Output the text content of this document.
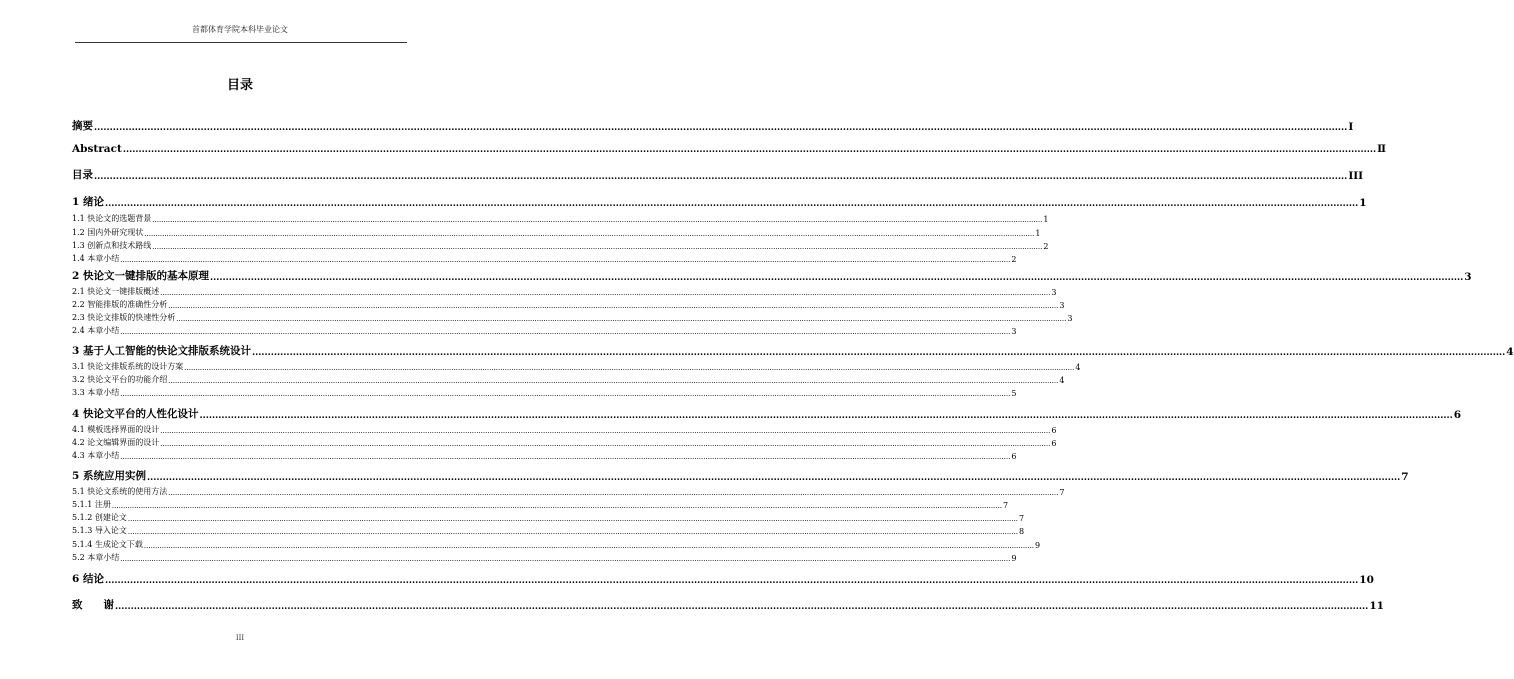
首都体育学院本科毕业论文
目录
摘要 ................................................................................................................................................................................................................................................................................................................................................................................................................ Ⅰ
Abstract ................................................................................................................................................................................................................................................................................................................................................................................................................ Ⅱ
目录 ................................................................................................................................................................................................................................................................................................................................................................................................................ III
1 绪论 ................................................................................................................................................................................................................................................................................................................................................................................................................ 1
1.1 快论文的选题背景 ................................................................................................................................................................................................................................................................................................................................................................................................................ 1
1.2 国内外研究现状 ................................................................................................................................................................................................................................................................................................................................................................................................................ 1
1.3 创新点和技术路线 ................................................................................................................................................................................................................................................................................................................................................................................................................ 2
1.4 本章小结 ................................................................................................................................................................................................................................................................................................................................................................................................................ 2
2 快论文一键排版的基本原理 ................................................................................................................................................................................................................................................................................................................................................................................................................ 3
2.1 快论文一键排版概述 ................................................................................................................................................................................................................................................................................................................................................................................................................ 3
2.2 智能排版的准确性分析 ................................................................................................................................................................................................................................................................................................................................................................................................................ 3
2.3 快论文排版的快速性分析 ................................................................................................................................................................................................................................................................................................................................................................................................................ 3
2.4 本章小结 ................................................................................................................................................................................................................................................................................................................................................................................................................ 3
3 基于人工智能的快论文排版系统设计 ................................................................................................................................................................................................................................................................................................................................................................................................................ 4
3.1 快论文排版系统的设计方案 ................................................................................................................................................................................................................................................................................................................................................................................................................ 4
3.2 快论文平台的功能介绍 ................................................................................................................................................................................................................................................................................................................................................................................................................ 4
3.3 本章小结 ................................................................................................................................................................................................................................................................................................................................................................................................................ 5
4 快论文平台的人性化设计 ................................................................................................................................................................................................................................................................................................................................................................................................................ 6
4.1 模板选择界面的设计 ................................................................................................................................................................................................................................................................................................................................................................................................................ 6
4.2 论文编辑界面的设计 ................................................................................................................................................................................................................................................................................................................................................................................................................ 6
4.3 本章小结 ................................................................................................................................................................................................................................................................................................................................................................................................................ 6
5 系统应用实例 ................................................................................................................................................................................................................................................................................................................................................................................................................ 7
5.1 快论文系统的使用方法 ................................................................................................................................................................................................................................................................................................................................................................................................................ 7
5.1.1 注册 ................................................................................................................................................................................................................................................................................................................................................................................................................ 7
5.1.2 创建论文 ................................................................................................................................................................................................................................................................................................................................................................................................................ 7
5.1.3 导入论文 ................................................................................................................................................................................................................................................................................................................................................................................................................ 8
5.1.4 生成论文下载 ................................................................................................................................................................................................................................................................................................................................................................................................................ 9
5.2 本章小结 ................................................................................................................................................................................................................................................................................................................................................................................................................ 9
6 结论 ................................................................................................................................................................................................................................................................................................................................................................................................................ 10
致　　谢 ................................................................................................................................................................................................................................................................................................................................................................................................................ 11
III
